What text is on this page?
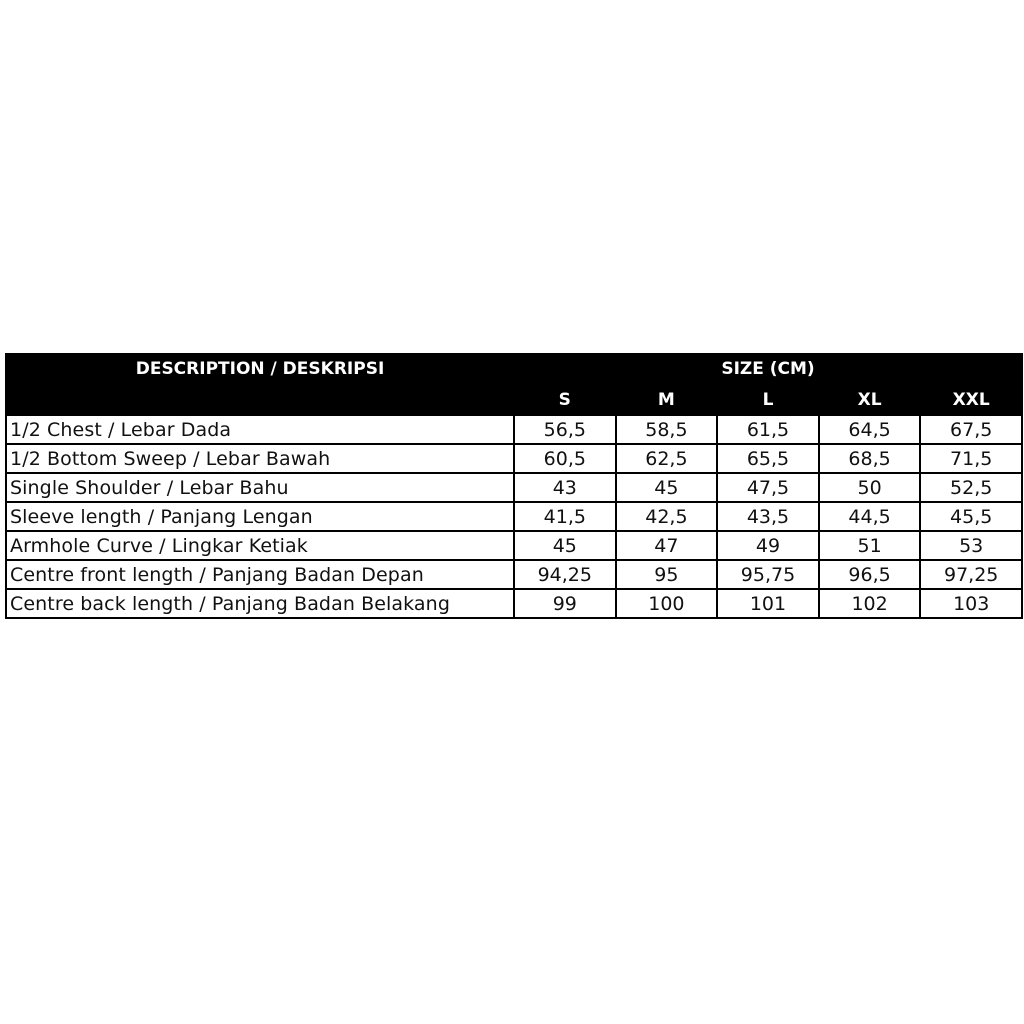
DESCRIPTION / DESKRIPSI	SIZE (CM)				
	S	M	L	XL	XXL
1/2 Chest / Lebar Dada	56,5	58,5	61,5	64,5	67,5
1/2 Bottom Sweep / Lebar Bawah	60,5	62,5	65,5	68,5	71,5
Single Shoulder / Lebar Bahu	43	45	47,5	50	52,5
Sleeve length / Panjang Lengan	41,5	42,5	43,5	44,5	45,5
Armhole Curve / Lingkar Ketiak	45	47	49	51	53
Centre front length / Panjang Badan Depan	94,25	95	95,75	96,5	97,25
Centre back length / Panjang Badan Belakang	99	100	101	102	103
